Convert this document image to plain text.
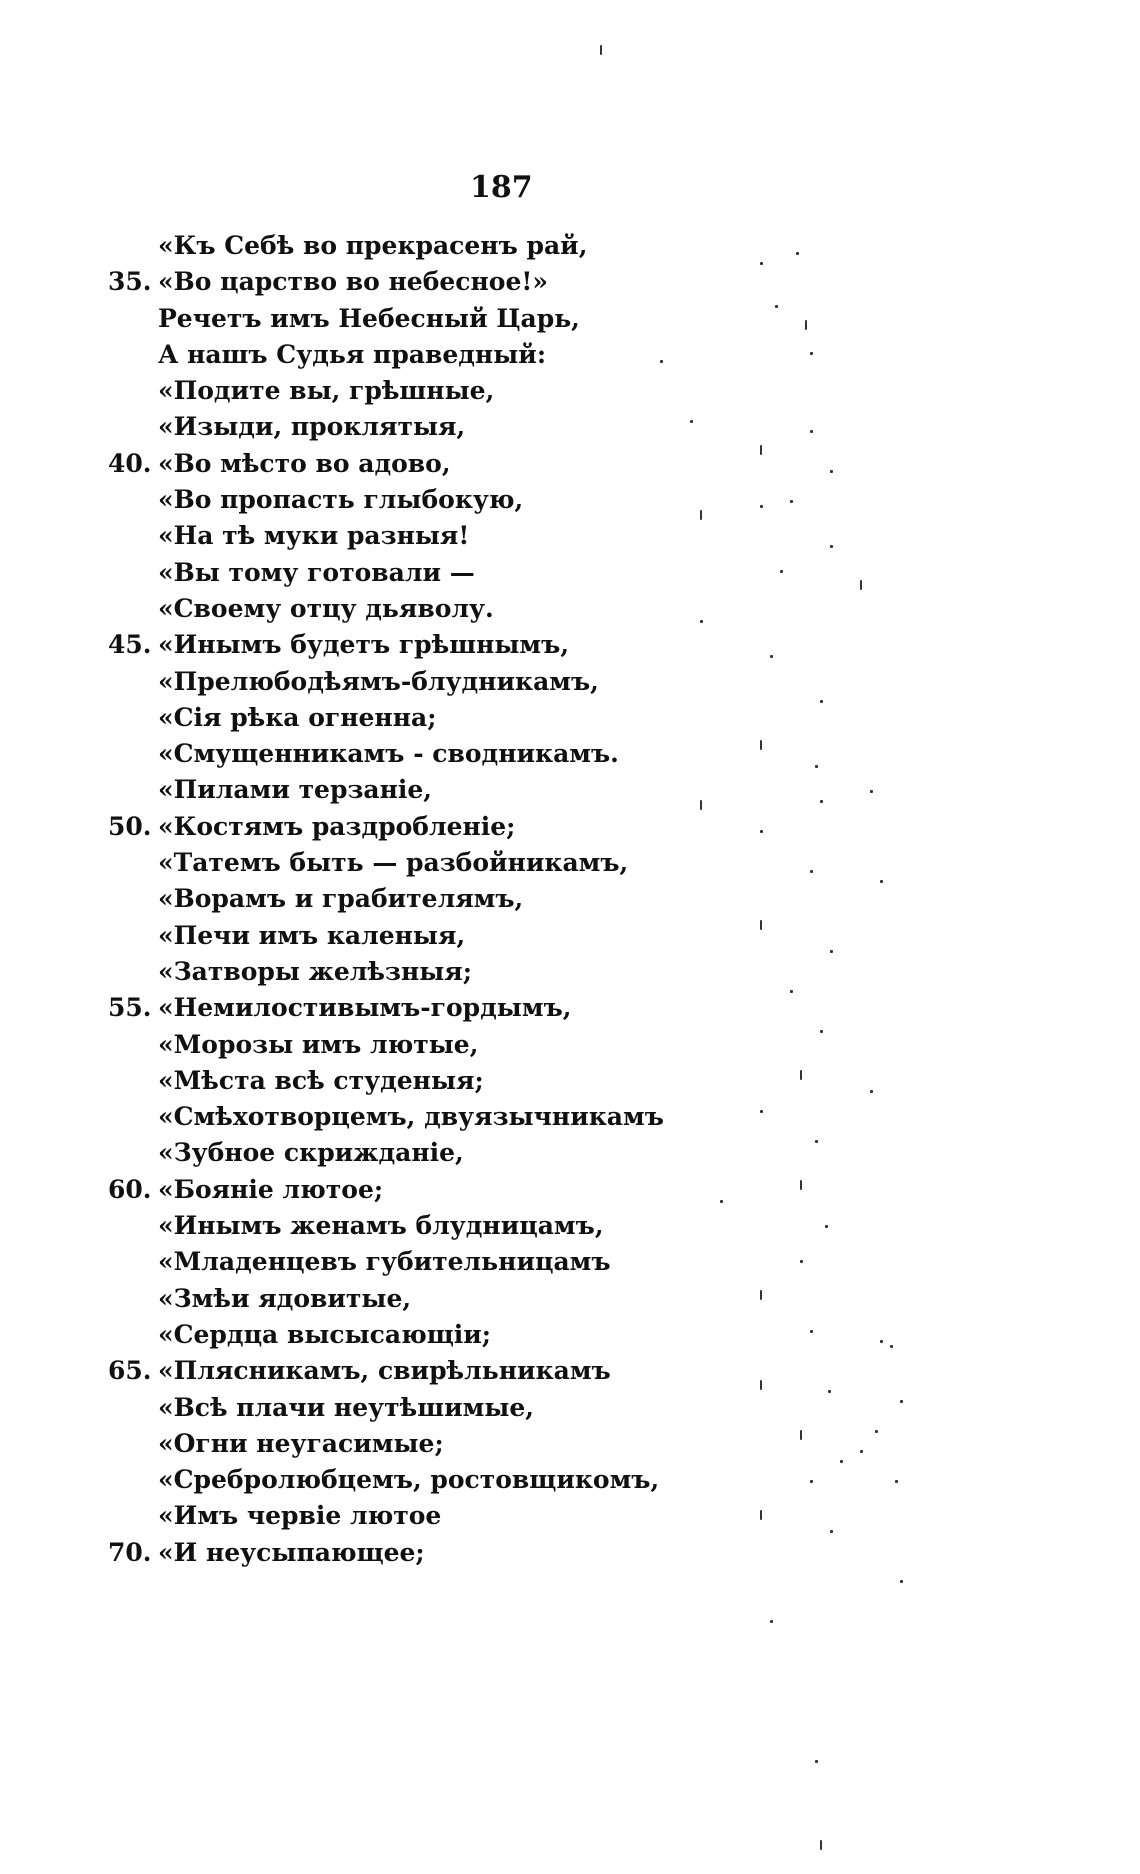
187
«Къ Себѣ во прекрасенъ рай,
35. «Во царство во небесное!»
Речетъ имъ Небесный Царь,
А нашъ Судья праведный:
«Подите вы, грѣшные,
«Изыди, проклятыя,
40. «Во мѣсто во адово,
«Во пропасть глыбокую,
«На тѣ муки разныя!
«Вы тому готовали —
«Своему отцу дьяволу.
45. «Инымъ будетъ грѣшнымъ,
«Прелюбодѣямъ-блудникамъ,
«Сія рѣка огненна;
«Смущенникамъ - сводникамъ.
«Пилами терзаніе,
50. «Костямъ раздробленіе;
«Татемъ быть — разбойникамъ,
«Ворамъ и грабителямъ,
«Печи имъ каленыя,
«Затворы желѣзныя;
55. «Немилостивымъ-гордымъ,
«Морозы имъ лютые,
«Мѣста всѣ студеныя;
«Смѣхотворцемъ, двуязычникамъ
«Зубное скрижданіе,
60. «Бояніе лютое;
«Инымъ женамъ блудницамъ,
«Младенцевъ губительницамъ
«Змѣи ядовитые,
«Сердца высысающіи;
65. «Плясникамъ, свирѣльникамъ
«Всѣ плачи неутѣшимые,
«Огни неугасимые;
«Сребролюбцемъ, ростовщикомъ,
«Имъ червіе лютое
70. «И неусыпающее;
